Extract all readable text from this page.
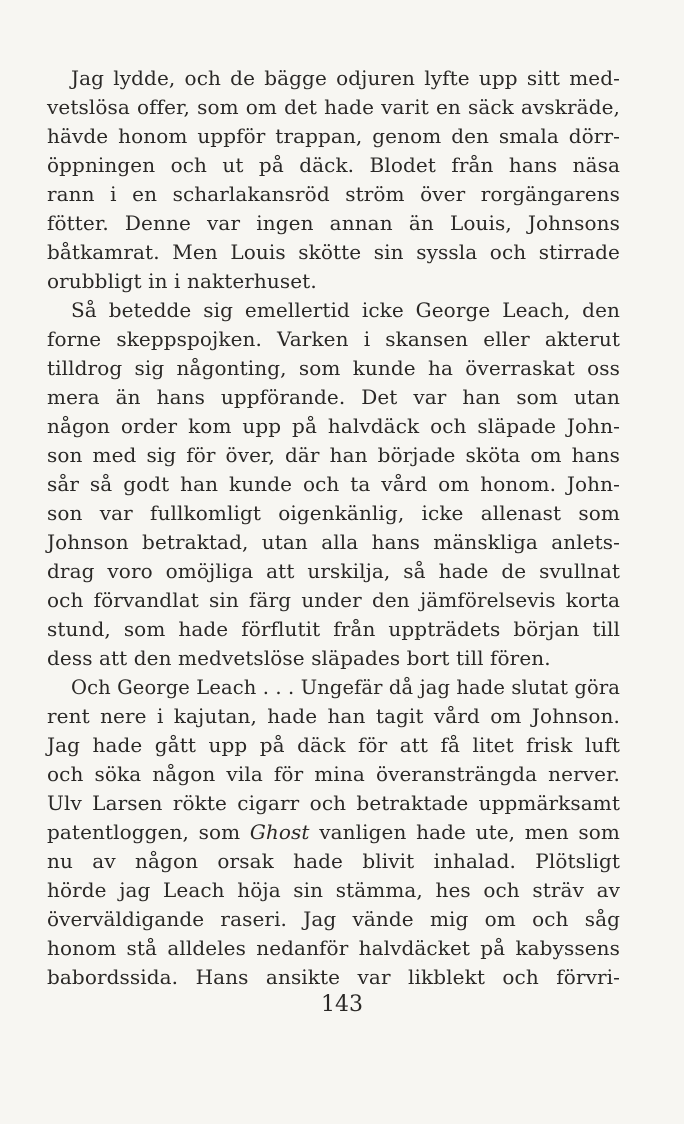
Jag lydde, och de bägge odjuren lyfte upp sitt med-
vetslösa offer, som om det hade varit en säck avskräde,
hävde honom uppför trappan, genom den smala dörr-
öppningen och ut på däck. Blodet från hans näsa
rann i en scharlakansröd ström över rorgängarens
fötter. Denne var ingen annan än Louis, Johnsons
båtkamrat. Men Louis skötte sin syssla och stirrade
orubbligt in i nakterhuset.
Så betedde sig emellertid icke George Leach, den
forne skeppspojken. Varken i skansen eller akterut
tilldrog sig någonting, som kunde ha överraskat oss
mera än hans uppförande. Det var han som utan
någon order kom upp på halvdäck och släpade John-
son med sig för över, där han började sköta om hans
sår så godt han kunde och ta vård om honom. John-
son var fullkomligt oigenkänlig, icke allenast som
Johnson betraktad, utan alla hans mänskliga anlets-
drag voro omöjliga att urskilja, så hade de svullnat
och förvandlat sin färg under den jämförelsevis korta
stund, som hade förflutit från uppträdets början till
dess att den medvetslöse släpades bort till fören.
Och George Leach . . . Ungefär då jag hade slutat göra
rent nere i kajutan, hade han tagit vård om Johnson.
Jag hade gått upp på däck för att få litet frisk luft
och söka någon vila för mina överansträngda nerver.
Ulv Larsen rökte cigarr och betraktade uppmärksamt
patentloggen, som Ghost vanligen hade ute, men som
nu av någon orsak hade blivit inhalad. Plötsligt
hörde jag Leach höja sin stämma, hes och sträv av
överväldigande raseri. Jag vände mig om och såg
honom stå alldeles nedanför halvdäcket på kabyssens
babordssida. Hans ansikte var likblekt och förvri-
143
